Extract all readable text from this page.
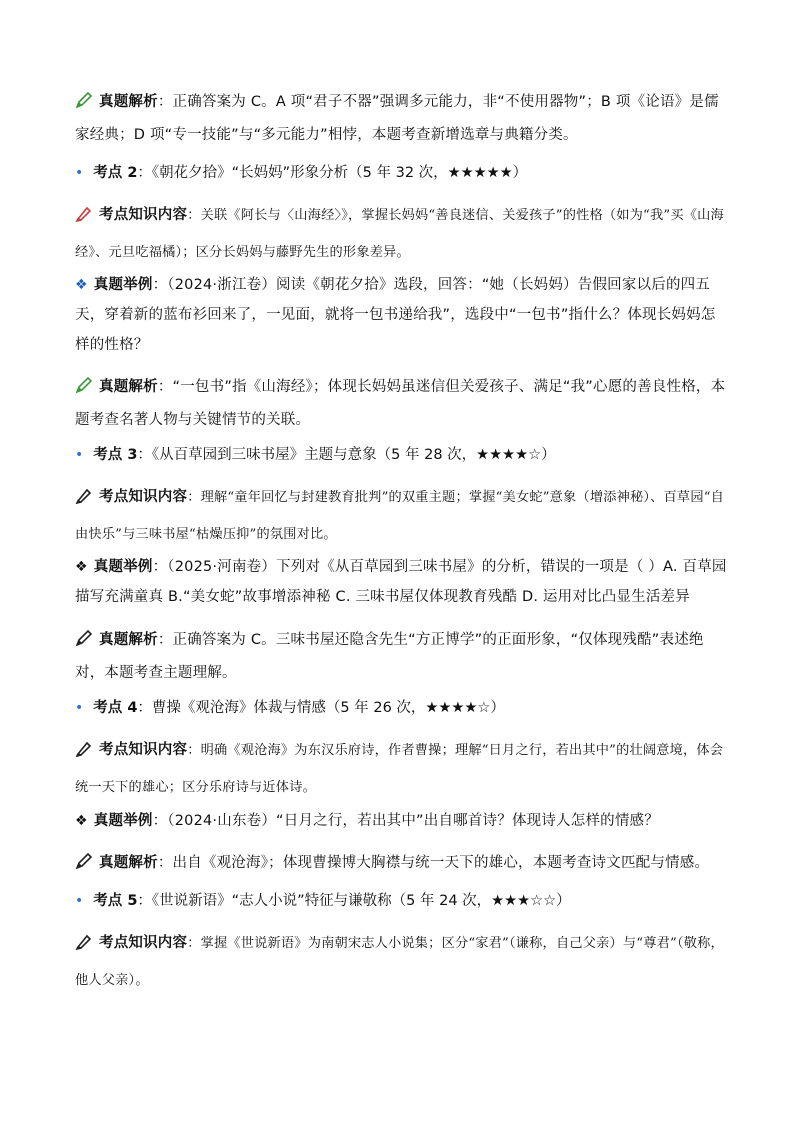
真题解析：正确答案为 C。A 项“君子不器”强调多元能力，非“不使用器物”；B 项《论语》是儒家经典；D 项“专一技能”与“多元能力”相悖，本题考查新增选章与典籍分类。
• 考点 2：《朝花夕拾》“长妈妈”形象分析（5 年 32 次，★★★★★）
考点知识内容：关联《阿长与〈山海经〉》，掌握长妈妈“善良迷信、关爱孩子”的性格（如为“我”买《山海经》、元旦吃福橘）；区分长妈妈与藤野先生的形象差异。
❖ 真题举例：（2024·浙江卷）阅读《朝花夕拾》选段，回答：“她（长妈妈）告假回家以后的四五天，穿着新的蓝布衫回来了，一见面，就将一包书递给我”，选段中“一包书”指什么？体现长妈妈怎样的性格？
真题解析：“一包书”指《山海经》；体现长妈妈虽迷信但关爱孩子、满足“我”心愿的善良性格，本题考查名著人物与关键情节的关联。
• 考点 3：《从百草园到三味书屋》主题与意象（5 年 28 次，★★★★☆）
考点知识内容：理解“童年回忆与封建教育批判”的双重主题；掌握“美女蛇”意象（增添神秘）、百草园“自由快乐”与三味书屋“枯燥压抑”的氛围对比。
❖ 真题举例：（2025·河南卷）下列对《从百草园到三味书屋》的分析，错误的一项是（ ）A. 百草园描写充满童真 B.“美女蛇”故事增添神秘 C. 三味书屋仅体现教育残酷 D. 运用对比凸显生活差异
真题解析：正确答案为 C。三味书屋还隐含先生“方正博学”的正面形象，“仅体现残酷”表述绝对，本题考查主题理解。
• 考点 4：曹操《观沧海》体裁与情感（5 年 26 次，★★★★☆）
考点知识内容：明确《观沧海》为东汉乐府诗，作者曹操；理解“日月之行，若出其中”的壮阔意境，体会统一天下的雄心；区分乐府诗与近体诗。
❖ 真题举例：（2024·山东卷）“日月之行，若出其中”出自哪首诗？体现诗人怎样的情感？
真题解析：出自《观沧海》；体现曹操博大胸襟与统一天下的雄心，本题考查诗文匹配与情感。
• 考点 5：《世说新语》“志人小说”特征与谦敬称（5 年 24 次，★★★☆☆）
考点知识内容：掌握《世说新语》为南朝宋志人小说集；区分“家君”（谦称，自己父亲）与“尊君”（敬称，他人父亲）。
